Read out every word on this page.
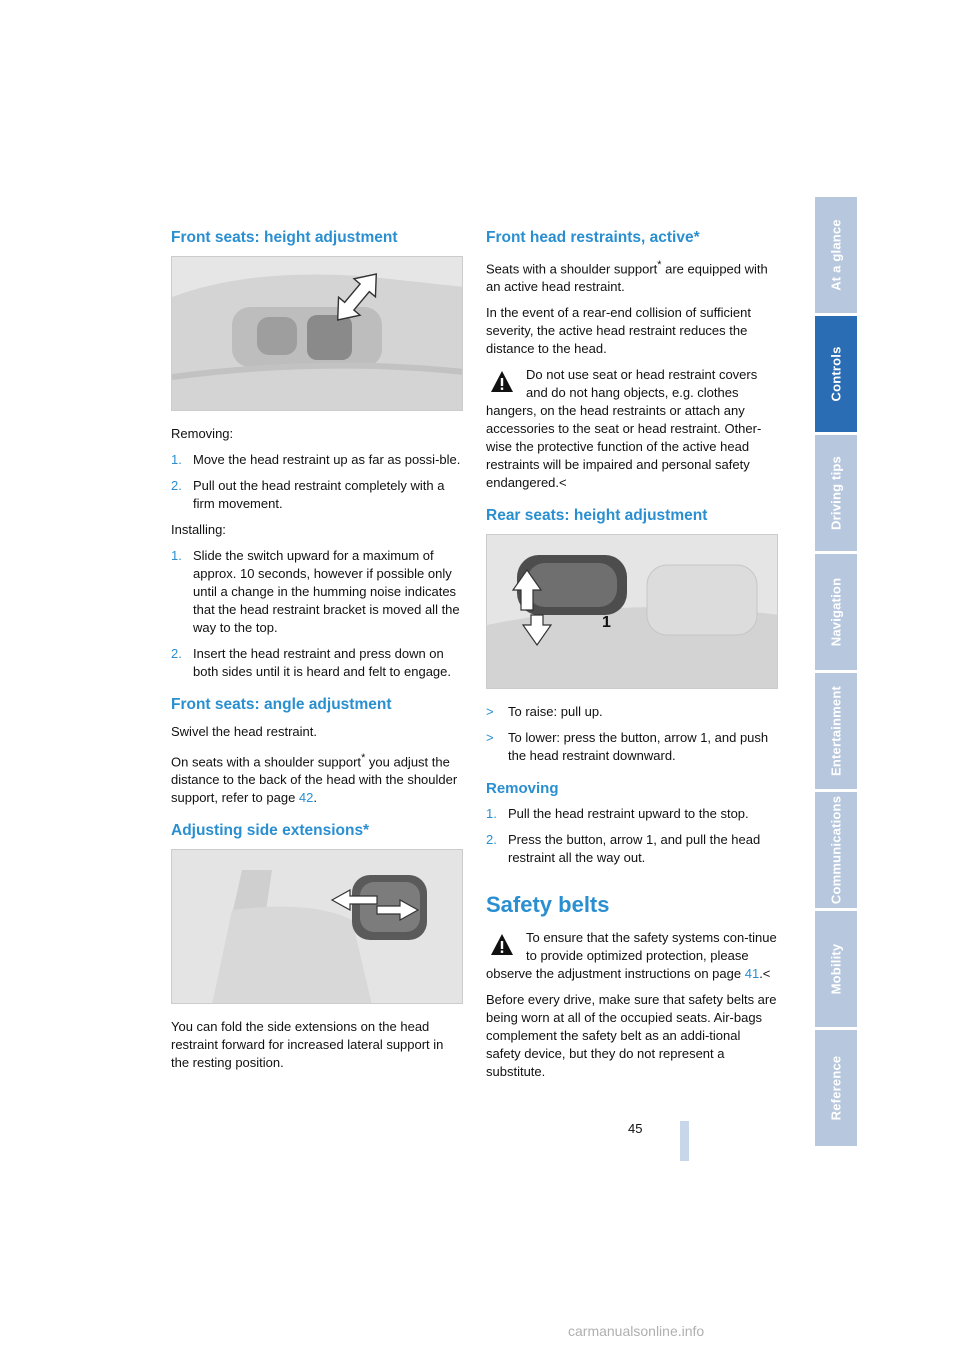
Front seats: height adjustment

Removing:

1. Move the head restraint up as far as possi-ble.
2. Pull out the head restraint completely with a firm movement.

Installing:

1. Slide the switch upward for a maximum of approx. 10 seconds, however if possible only until a change in the humming noise indicates that the head restraint bracket is moved all the way to the top.
2. Insert the head restraint and press down on both sides until it is heard and felt to engage.
Front seats: angle adjustment

Swivel the head restraint.

On seats with a shoulder support* you adjust the distance to the back of the head with the shoulder support, refer to page 42.

Adjusting side extensions*

You can fold the side extensions on the head restraint forward for increased lateral support in the resting position.

Front head restraints, active*

Seats with a shoulder support* are equipped with an active head restraint.

In the event of a rear-end collision of sufficient severity, the active head restraint reduces the distance to the head.

Do not use seat or head restraint covers and do not hang objects, e.g. clothes hangers, on the head restraints or attach any accessories to the seat or head restraint. Other-wise the protective function of the active head restraints will be impaired and personal safety endangered.<
Rear seats: height adjustment
1
>	To raise: pull up.
>	To lower: press the button, arrow 1, and push the head restraint downward.
Removing
1. Pull the head restraint upward to the stop.
2. Press the button, arrow 1, and pull the head restraint all the way out.
Safety belts
To ensure that the safety systems con-tinue to provide optimized protection, please observe the adjustment instructions on page 41.<

Before every drive, make sure that safety belts are being worn at all of the occupied seats. Air-bags complement the safety belt as an addi-tional safety device, but they do not represent a substitute.

At a glance
Controls
Driving tips
Navigation
Entertainment
Communications
Mobility
Reference
45
carmanualsonline.info
